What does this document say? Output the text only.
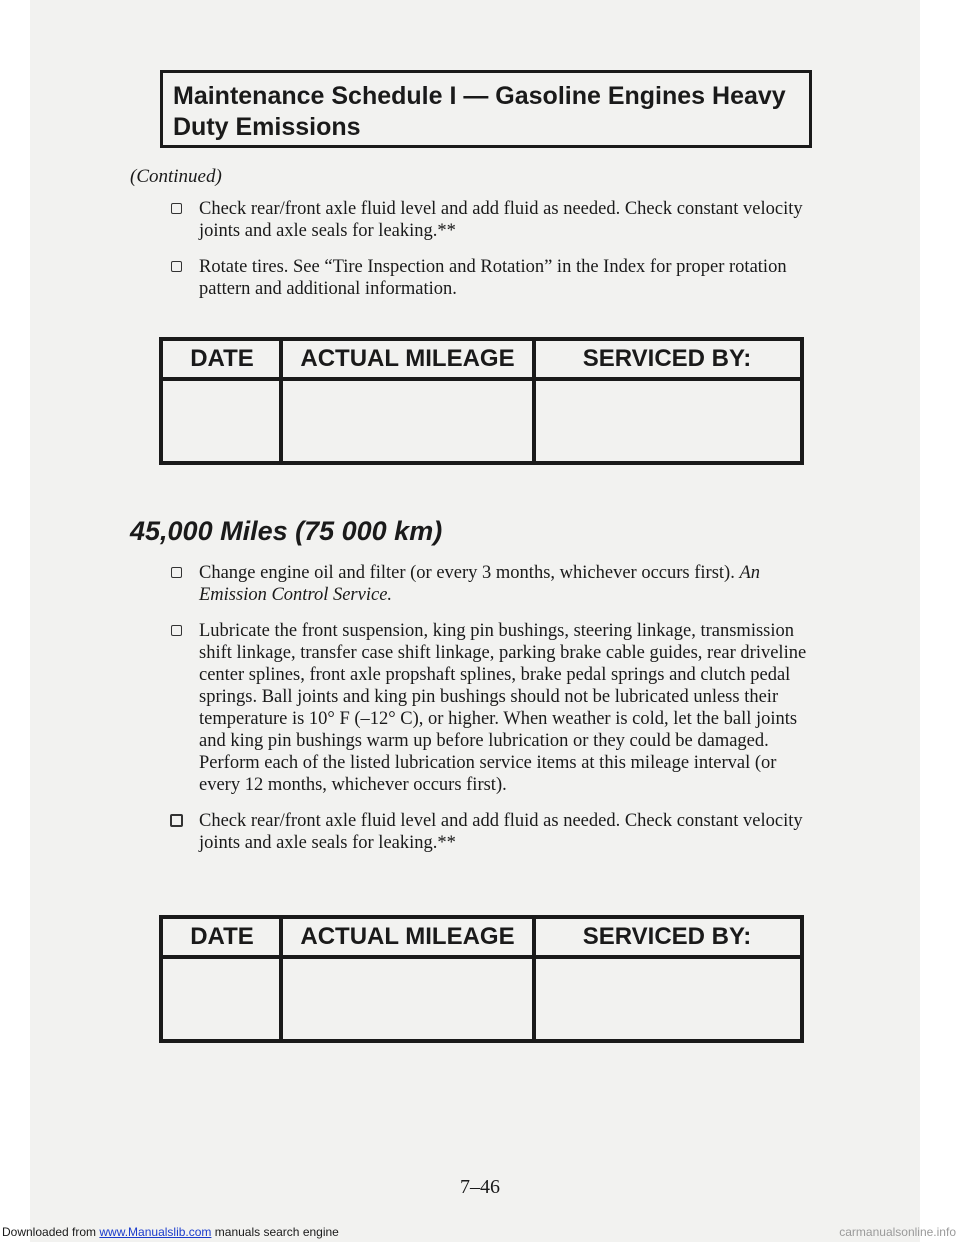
Maintenance Schedule I — Gasoline Engines Heavy

Duty Emissions

(Continued)
Check rear/front axle fluid level and add fluid as needed. Check constant velocity joints and axle seals for leaking.**
Rotate tires. See “Tire Inspection and Rotation” in the Index for proper rotation pattern and additional information.
DATE	ACTUAL MILEAGE	SERVICED BY:
45,000 Miles (75 000 km)
Change engine oil and filter (or every 3 months, whichever occurs first). An Emission Control Service.
Lubricate the front suspension, king pin bushings, steering linkage, transmission shift linkage, transfer case shift linkage, parking brake cable guides, rear driveline center splines, front axle propshaft splines, brake pedal springs and clutch pedal springs. Ball joints and king pin bushings should not be lubricated unless their temperature is 10° F (–12° C), or higher. When weather is cold, let the ball joints and king pin bushings warm up before lubrication or they could be damaged. Perform each of the listed lubrication service items at this mileage interval (or every 12 months, whichever occurs first).
Check rear/front axle fluid level and add fluid as needed. Check constant velocity joints and axle seals for leaking.**
DATE	ACTUAL MILEAGE	SERVICED BY:
7–46
Downloaded from www.Manualslib.com manuals search engine	carmanualsonline.info
